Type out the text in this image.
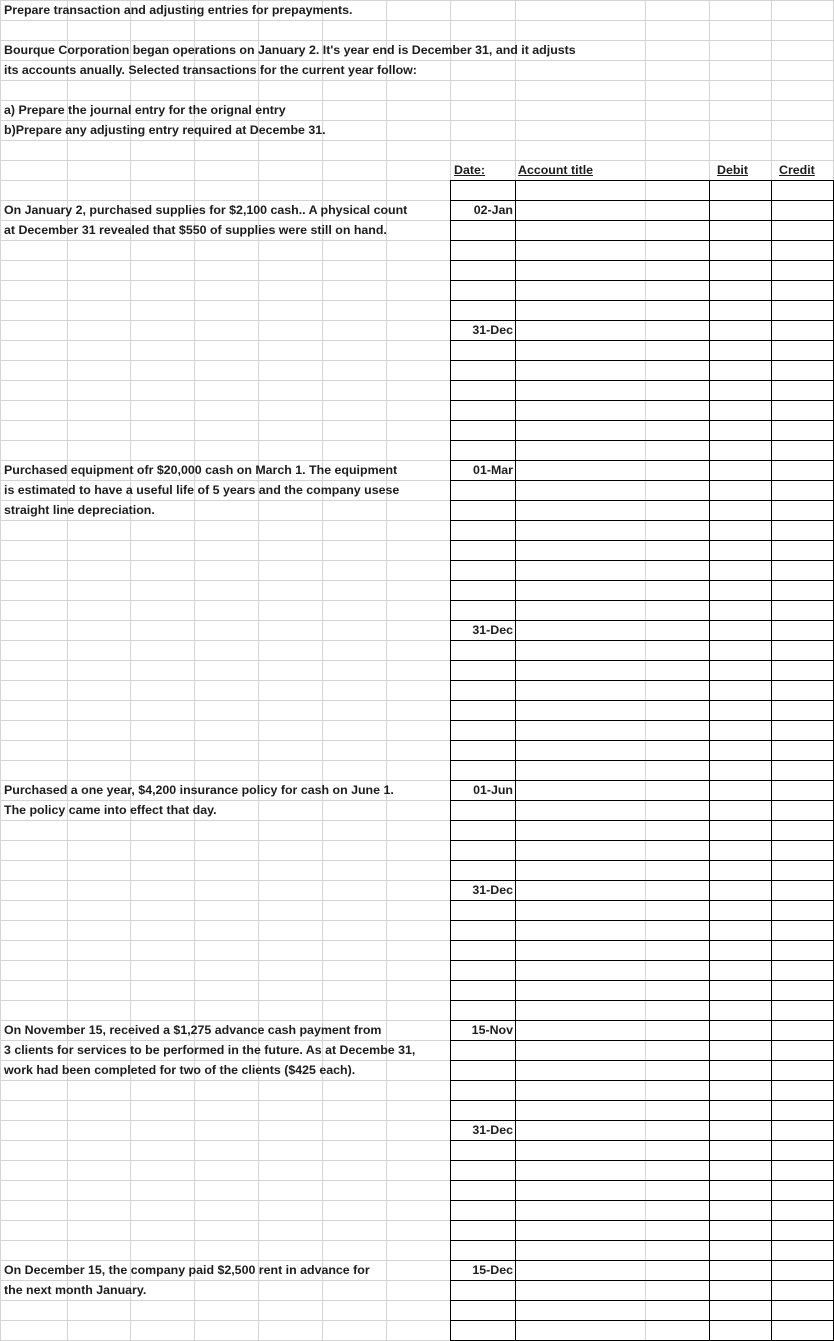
Prepare transaction and adjusting entries for prepayments.
Bourque Corporation began operations on January 2. It's year end is December 31, and it adjusts
its accounts anually. Selected transactions for the current year follow:
a) Prepare the journal entry for the orignal entry
b)Prepare any adjusting entry required at Decembe 31.
Date:	Account title	Debit	Credit
On January 2, purchased supplies for $2,100 cash.. A physical count
at December 31 revealed that $550 of supplies were still on hand.
02-Jan
31-Dec
Purchased equipment ofr $20,000 cash on March 1. The equipment
is estimated to have a useful life of 5 years and the company usese
straight line depreciation.
01-Mar
31-Dec
Purchased a one year, $4,200 insurance policy for cash on June 1.
The policy came into effect that day.
01-Jun
31-Dec
On November 15, received a $1,275 advance cash payment from
3 clients for services to be performed in the future. As at Decembe 31,
work had been completed for two of the clients ($425 each).
15-Nov
31-Dec
On December 15, the company paid $2,500 rent in advance for
the next month January.
15-Dec
